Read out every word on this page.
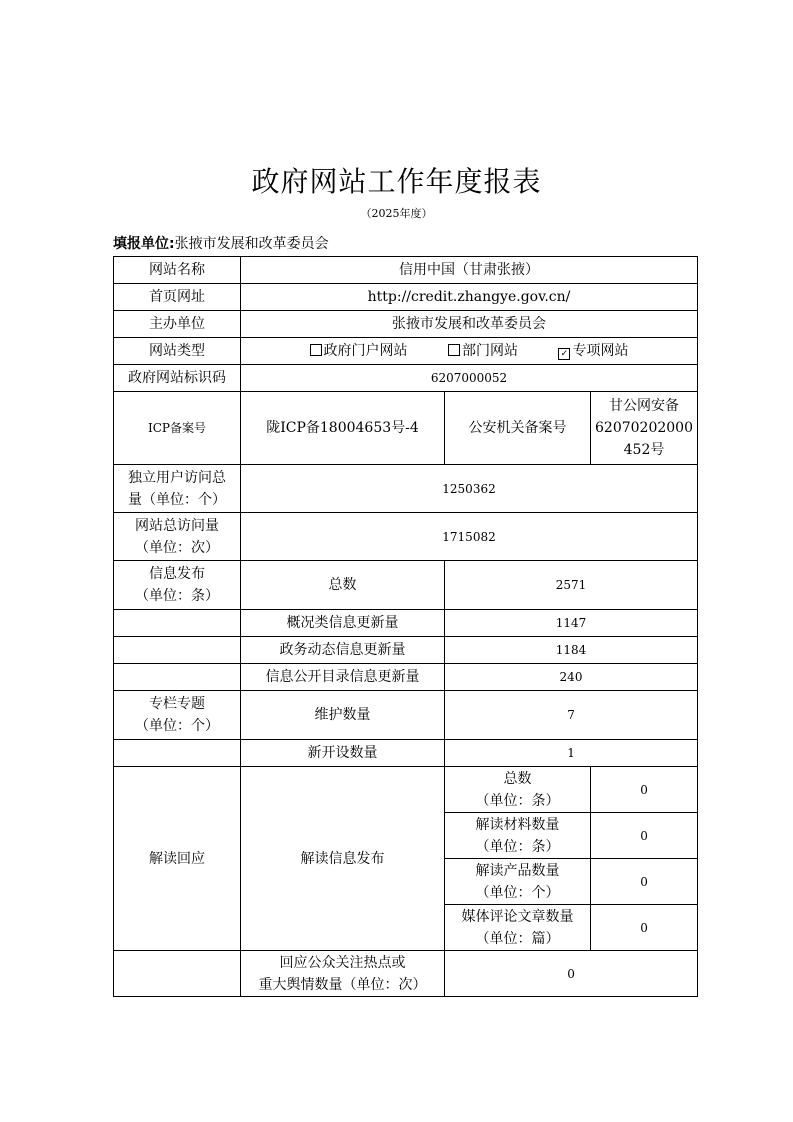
政府网站工作年度报表
（2025年度）
填报单位:张掖市发展和改革委员会
网站名称	信用中国（甘肃张掖）		
首页网址	http://credit.zhangye.gov.cn/		
主办单位	张掖市发展和改革委员会		
网站类型	政府门户网站 部门网站 ✓ 专项网站		
政府网站标识码	6207000052		
ICP备案号	陇ICP备18004653号-4	公安机关备案号	甘公网安备
62070202000
452号

独立用户访问总
量（单位：个）	1250362		

网站总访问量
（单位：次）	1715082		

信息发布
（单位：条）	总数	2571	
	概况类信息更新量	1147	
	政务动态信息更新量	1184	
	信息公开目录信息更新量	240	

专栏专题
（单位：个）	维护数量	7	
	新开设数量	1	
解读回应	解读信息发布	总数
（单位：条）	0

		解读材料数量
（单位：条）	0

		解读产品数量
（单位：个）	0

		媒体评论文章数量
（单位：篇）	0

	回应公众关注热点或
重大舆情数量（单位：次）	0	
